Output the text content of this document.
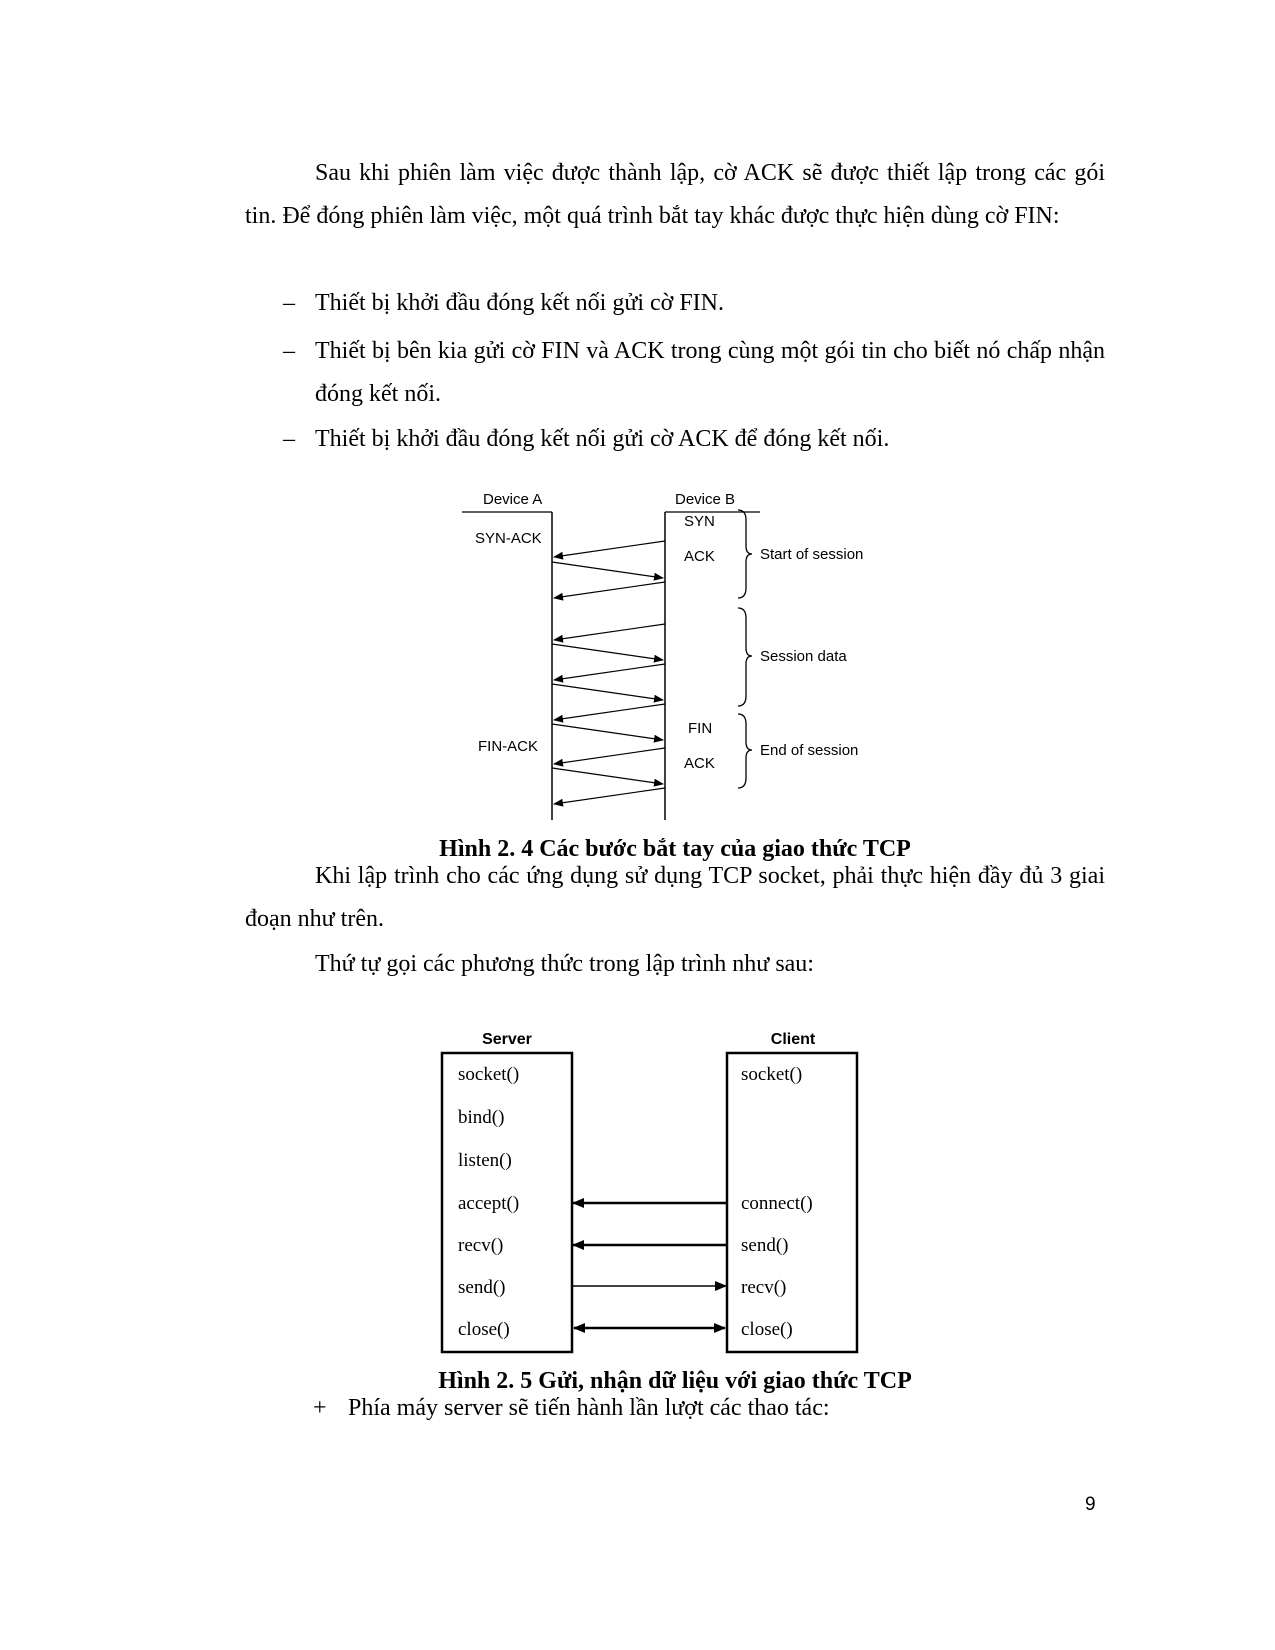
Sau khi phiên làm việc được thành lập, cờ ACK sẽ được thiết lập trong các gói tin. Để đóng phiên làm việc, một quá trình bắt tay khác được thực hiện dùng cờ FIN:

– Thiết bị khởi đầu đóng kết nối gửi cờ FIN.
– Thiết bị bên kia gửi cờ FIN và ACK trong cùng một gói tin cho biết nó chấp nhận đóng kết nối.
– Thiết bị khởi đầu đóng kết nối gửi cờ ACK để đóng kết nối.
Device A	Device B
SYN-ACK
SYN
ACK
FIN-ACK
FIN
ACK
Start of session
Session data
End of session

Hình 2. 4 Các bước bắt tay của giao thức TCP

Khi lập trình cho các ứng dụng sử dụng TCP socket, phải thực hiện đầy đủ 3 giai đoạn như trên.

Thứ tự gọi các phương thức trong lập trình như sau:

Server	Client
socket()
bind()
listen()
accept()
recv()
send()
close()
socket()
connect()
send()
recv()
close()

Hình 2. 5 Gửi, nhận dữ liệu với giao thức TCP

+ Phía máy server sẽ tiến hành lần lượt các thao tác:
9
